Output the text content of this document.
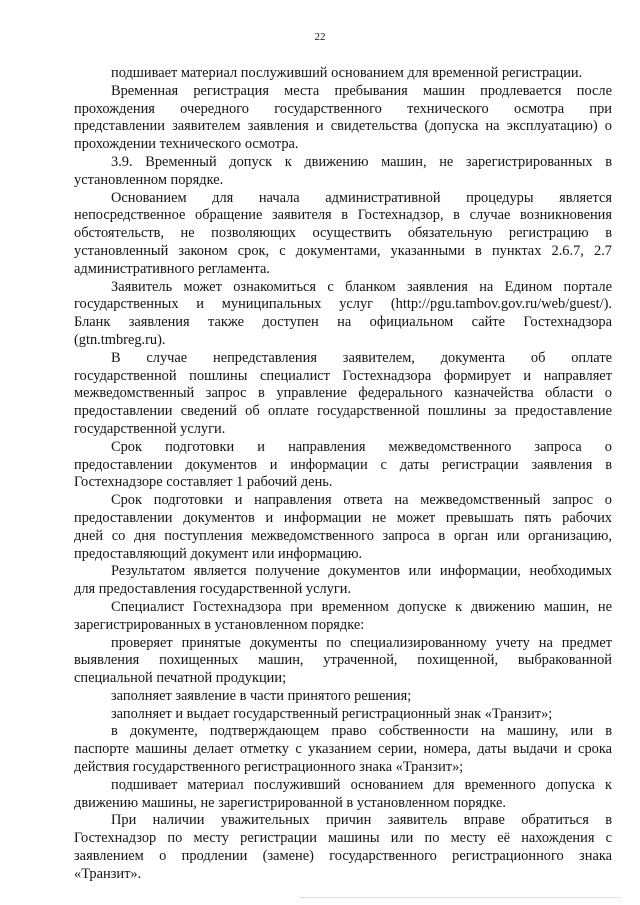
22
подшивает материал послуживший основанием для временной регистрации.
Временная регистрация места пребывания машин продлевается после
прохождения очередного государственного технического осмотра при
представлении заявителем заявления и свидетельства (допуска на эксплуатацию) о
прохождении технического осмотра.
3.9. Временный допуск к движению машин, не зарегистрированных в
установленном порядке.
Основанием для начала административной процедуры является
непосредственное обращение заявителя в Гостехнадзор, в случае возникновения
обстоятельств, не позволяющих осуществить обязательную регистрацию в
установленный законом срок, с документами, указанными в пунктах 2.6.7, 2.7
административного регламента.
Заявитель может ознакомиться с бланком заявления на Едином портале
государственных и муниципальных услуг (http://pgu.tambov.gov.ru/web/guest/).
Бланк заявления также доступен на официальном сайте Гостехнадзора
(gtn.tmbreg.ru).
В случае непредставления заявителем, документа об оплате
государственной пошлины специалист Гостехнадзора формирует и направляет
межведомственный запрос в управление федерального казначейства области о
предоставлении сведений об оплате государственной пошлины за предоставление
государственной услуги.
Срок подготовки и направления межведомственного запроса о
предоставлении документов и информации с даты регистрации заявления в
Гостехнадзоре составляет 1 рабочий день.
Срок подготовки и направления ответа на межведомственный запрос о
предоставлении документов и информации не может превышать пять рабочих
дней со дня поступления межведомственного запроса в орган или организацию,
предоставляющий документ или информацию.
Результатом является получение документов или информации, необходимых
для предоставления государственной услуги.
Специалист Гостехнадзора при временном допуске к движению машин, не
зарегистрированных в установленном порядке:
проверяет принятые документы по специализированному учету на предмет
выявления похищенных машин, утраченной, похищенной, выбракованной
специальной печатной продукции;
заполняет заявление в части принятого решения;
заполняет и выдает государственный регистрационный знак «Транзит»;
в документе, подтверждающем право собственности на машину, или в
паспорте машины делает отметку с указанием серии, номера, даты выдачи и срока
действия государственного регистрационного знака «Транзит»;
подшивает материал послуживший основанием для временного допуска к
движению машины, не зарегистрированной в установленном порядке.
При наличии уважительных причин заявитель вправе обратиться в
Гостехнадзор по месту регистрации машины или по месту её нахождения с
заявлением о продлении (замене) государственного регистрационного знака
«Транзит».
